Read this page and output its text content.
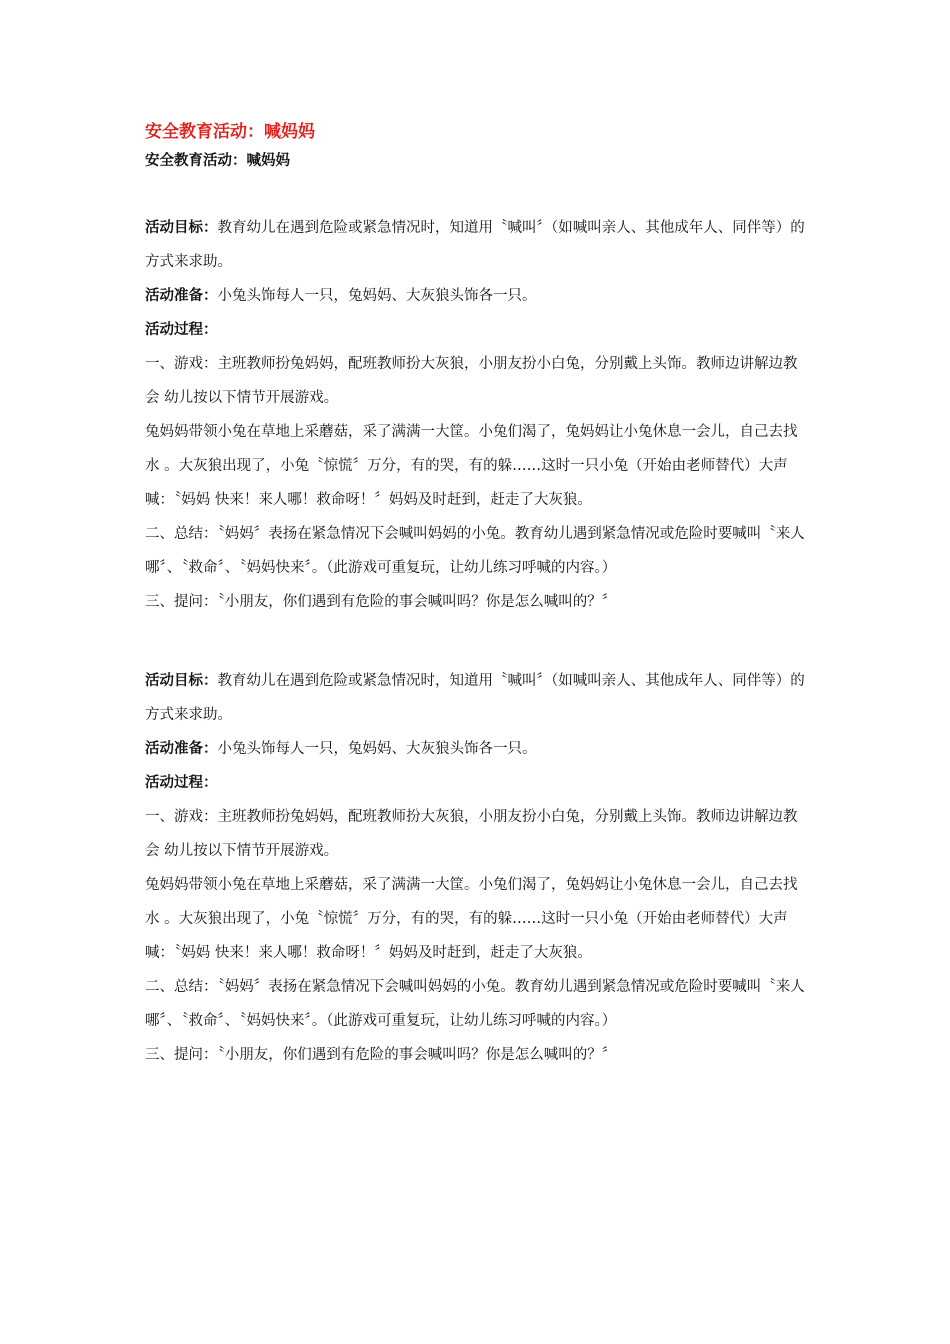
安全教育活动：喊妈妈
安全教育活动：喊妈妈

活动目标：教育幼儿在遇到危险或紧急情况时，知道用〝喊叫〞（如喊叫亲人、其他成年人、同伴等）的方式来求助。

活动准备：小兔头饰每人一只，兔妈妈、大灰狼头饰各一只。

活动过程：

一、游戏：主班教师扮兔妈妈，配班教师扮大灰狼，小朋友扮小白兔，分别戴上头饰。教师边讲解边教会 幼儿按以下情节开展游戏。

兔妈妈带领小兔在草地上采蘑菇，采了满满一大筐。小兔们渴了，兔妈妈让小兔休息一会儿，自己去找水 。大灰狼出现了，小兔〝惊慌〞万分，有的哭，有的躲……这时一只小兔（开始由老师替代）大声喊：〝妈妈 快来！来人哪！救命呀！〞妈妈及时赶到，赶走了大灰狼。

二、总结：〝妈妈〞表扬在紧急情况下会喊叫妈妈的小兔。教育幼儿遇到紧急情况或危险时要喊叫〝来人 哪〞、〝救命〞、〝妈妈快来〞。（此游戏可重复玩，让幼儿练习呼喊的内容。）

三、提问：〝小朋友，你们遇到有危险的事会喊叫吗？你是怎么喊叫的？〞

活动目标：教育幼儿在遇到危险或紧急情况时，知道用〝喊叫〞（如喊叫亲人、其他成年人、同伴等）的方式来求助。

活动准备：小兔头饰每人一只，兔妈妈、大灰狼头饰各一只。

活动过程：

一、游戏：主班教师扮兔妈妈，配班教师扮大灰狼，小朋友扮小白兔，分别戴上头饰。教师边讲解边教会 幼儿按以下情节开展游戏。

兔妈妈带领小兔在草地上采蘑菇，采了满满一大筐。小兔们渴了，兔妈妈让小兔休息一会儿，自己去找水 。大灰狼出现了，小兔〝惊慌〞万分，有的哭，有的躲……这时一只小兔（开始由老师替代）大声喊：〝妈妈 快来！来人哪！救命呀！〞妈妈及时赶到，赶走了大灰狼。

二、总结：〝妈妈〞表扬在紧急情况下会喊叫妈妈的小兔。教育幼儿遇到紧急情况或危险时要喊叫〝来人 哪〞、〝救命〞、〝妈妈快来〞。（此游戏可重复玩，让幼儿练习呼喊的内容。）

三、提问：〝小朋友，你们遇到有危险的事会喊叫吗？你是怎么喊叫的？〞
